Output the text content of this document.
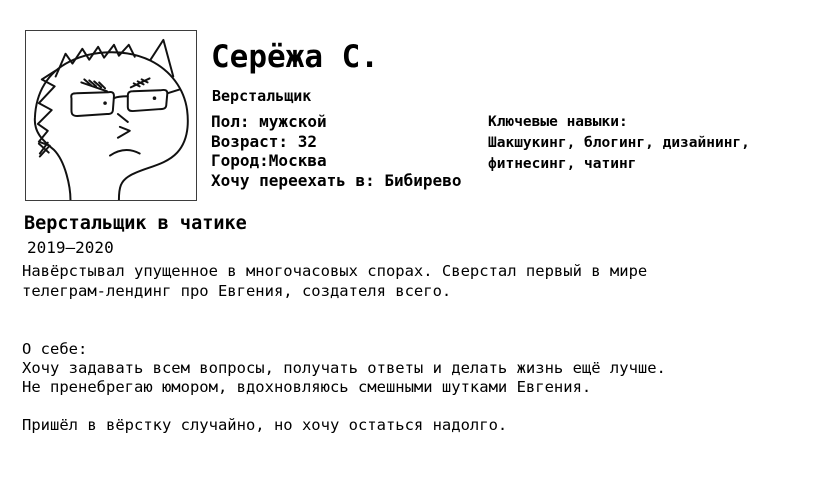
Серёжа С.
Верстальщик
Пол: мужской
Возраст: 32
Город:Москва
Хочу переехать в: Бибирево
Ключевые навыки:
Шакшукинг, блогинг, дизайнинг, фитнесинг, чатинг
Верстальщик в чатике
2019–2020

Навёрстывал упущенное в многочасовых спорах. Сверстал первый в мире телеграм-лендинг про Евгения, создателя всего.

О себе:
Хочу задавать всем вопросы, получать ответы и делать жизнь ещё лучше.
Не пренебрегаю юмором, вдохновляюсь смешными шутками Евгения.
Пришёл в вёрстку случайно, но хочу остаться надолго.
